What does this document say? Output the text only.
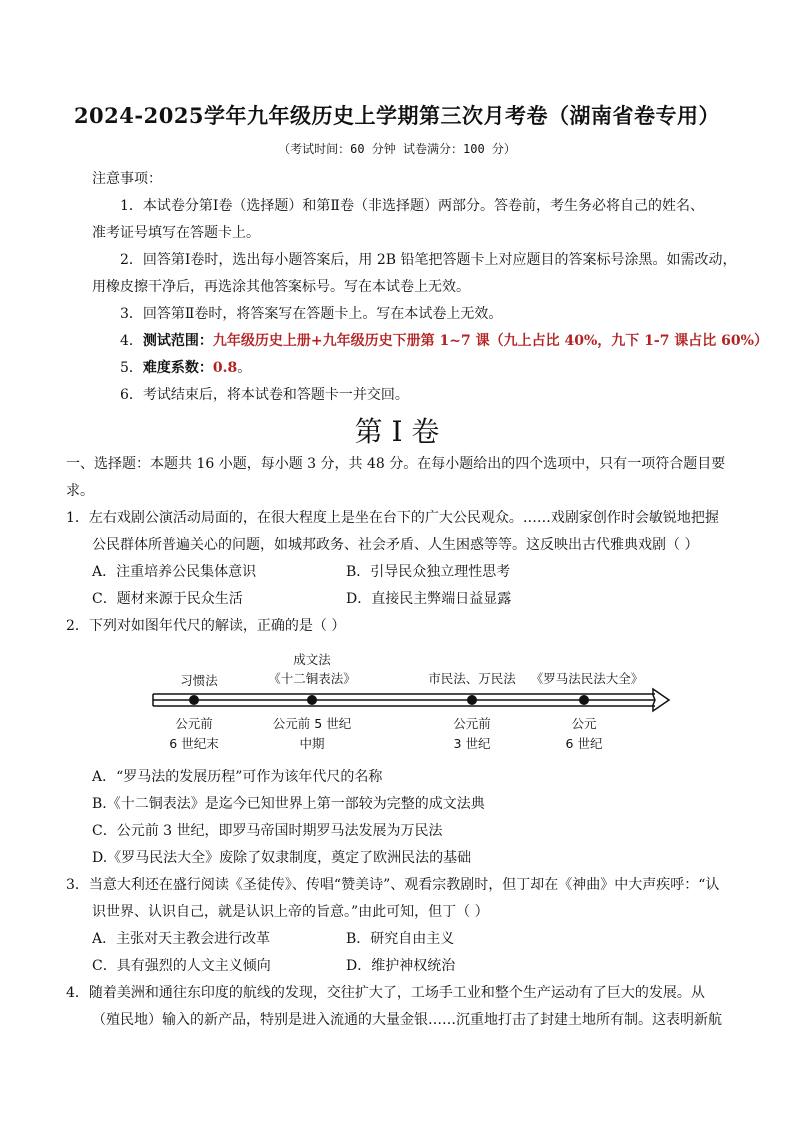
2024-2025学年九年级历史上学期第三次月考卷（湖南省卷专用）
（考试时间：60 分钟 试卷满分：100 分）
注意事项：
1．本试卷分第Ⅰ卷（选择题）和第Ⅱ卷（非选择题）两部分。答卷前，考生务必将自己的姓名、
准考证号填写在答题卡上。
2．回答第Ⅰ卷时，选出每小题答案后，用 2B 铅笔把答题卡上对应题目的答案标号涂黑。如需改动，
用橡皮擦干净后，再选涂其他答案标号。写在本试卷上无效。
3．回答第Ⅱ卷时，将答案写在答题卡上。写在本试卷上无效。
4．测试范围：九年级历史上册+九年级历史下册第 1~7 课（九上占比 40%，九下 1-7 课占比 60%）
5．难度系数：0.8。
6．考试结束后，将本试卷和答题卡一并交回。
第 I 卷
一、选择题：本题共 16 小题，每小题 3 分，共 48 分。在每小题给出的四个选项中，只有一项符合题目要
求。
1．左右戏剧公演活动局面的，在很大程度上是坐在台下的广大公民观众。……戏剧家创作时会敏锐地把握
公民群体所普遍关心的问题，如城邦政务、社会矛盾、人生困惑等等。这反映出古代雅典戏剧（ ）
A．注重培养公民集体意识	B．引导民众独立理性思考
C．题材来源于民众生活	D．直接民主弊端日益显露
2．下列对如图年代尺的解读，正确的是（ ）
习惯法
成文法
《十二铜表法》	市民法、万民法	《罗马法民法大全》
公元前
6 世纪末
公元前 5 世纪
中期
公元前
3 世纪
公元
6 世纪
A．“罗马法的发展历程”可作为该年代尺的名称
B.《十二铜表法》是迄今已知世界上第一部较为完整的成文法典
C．公元前 3 世纪，即罗马帝国时期罗马法发展为万民法
D.《罗马民法大全》废除了奴隶制度，奠定了欧洲民法的基础
3．当意大利还在盛行阅读《圣徒传》、传唱“赞美诗”、观看宗教剧时，但丁却在《神曲》中大声疾呼：“认
识世界、认识自己，就是认识上帝的旨意。”由此可知，但丁（ ）
A．主张对天主教会进行改革	B．研究自由主义
C．具有强烈的人文主义倾向	D．维护神权统治
4．随着美洲和通往东印度的航线的发现，交往扩大了，工场手工业和整个生产运动有了巨大的发展。从
（殖民地）输入的新产品，特别是进入流通的大量金银……沉重地打击了封建土地所有制。这表明新航
